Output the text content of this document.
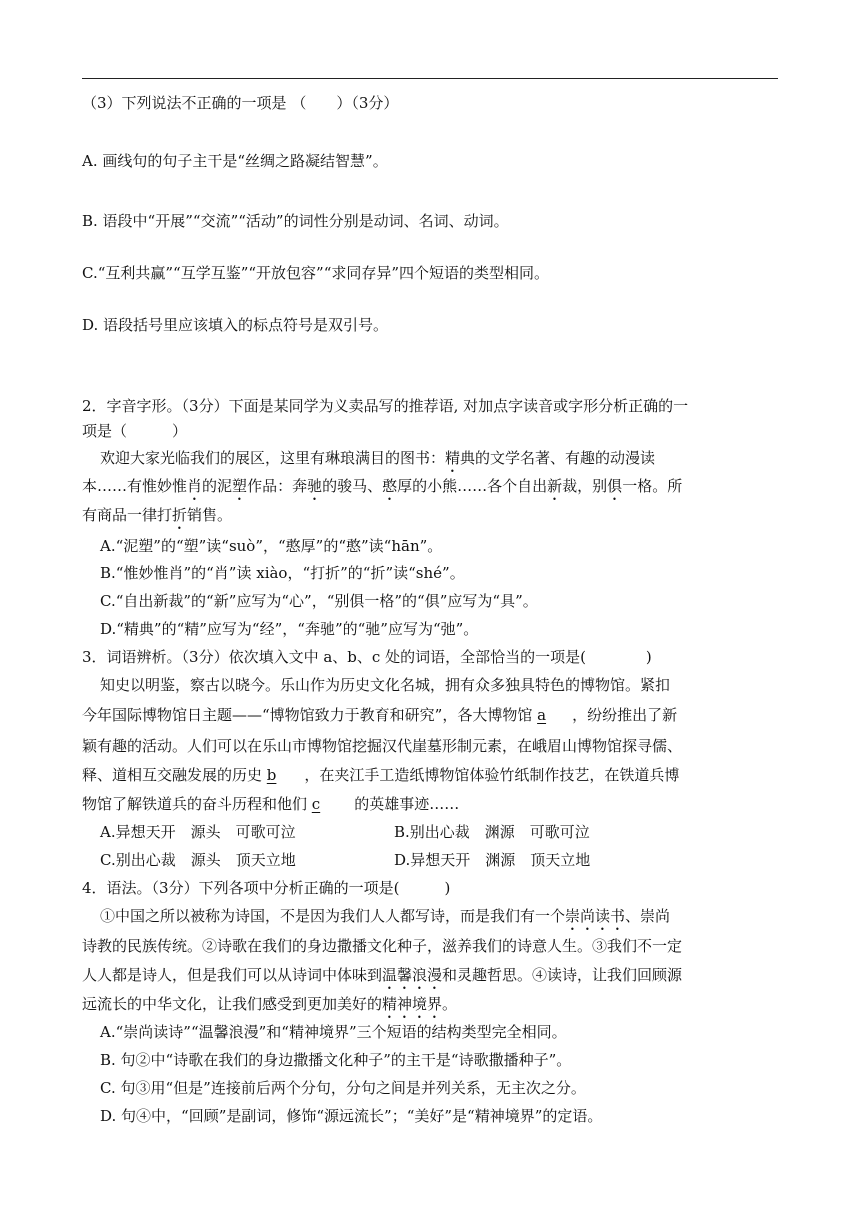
（3）下列说法不正确的一项是 （　　）（3分）
A. 画线句的句子主干是“丝绸之路凝结智慧”。
B. 语段中“开展”“交流”“活动”的词性分别是动词、名词、动词。
C.“互利共赢”“互学互鉴”“开放包容”“求同存异”四个短语的类型相同。
D. 语段括号里应该填入的标点符号是双引号。
2．字音字形。（3分）下面是某同学为义卖品写的推荐语, 对加点字读音或字形分析正确的一
项是（　　　）
欢迎大家光临我们的展区，这里有琳琅满目的图书：精典的文学名著、有趣的动漫读
本……有惟妙惟肖的泥塑作品：奔驰的骏马、憨厚的小熊……各个自出新裁，别俱一格。所
有商品一律打折销售。
A.“泥塑”的“塑”读“suò”，“憨厚”的“憨”读“hān”。
B.“惟妙惟肖”的“肖”读 xiào，“打折”的“折”读“shé”。
C.“自出新裁”的“新”应写为“心”，“别俱一格”的“俱”应写为“具”。
D.“精典”的“精”应写为“经”，“奔驰”的“驰”应写为“弛”。
3．词语辨析。（3分）依次填入文中 a、b、c 处的词语，全部恰当的一项是(　　　　)
知史以明鉴，察古以晓今。乐山作为历史文化名城，拥有众多独具特色的博物馆。紧扣
今年国际博物馆日主题——“博物馆致力于教育和研究”，各大博物馆 a ，纷纷推出了新
颖有趣的活动。人们可以在乐山市博物馆挖掘汉代崖墓形制元素，在峨眉山博物馆探寻儒、
释、道相互交融发展的历史 b ，在夹江手工造纸博物馆体验竹纸制作技艺，在铁道兵博
物馆了解铁道兵的奋斗历程和他们 c 的英雄事迹……
A.异想天开　源头　可歌可泣	B.别出心裁　渊源　可歌可泣
C.别出心裁　源头　顶天立地	D.异想天开　渊源　顶天立地
4．语法。（3分）下列各项中分析正确的一项是(　　　)
①中国之所以被称为诗国，不是因为我们人人都写诗，而是我们有一个崇尚读书、崇尚
诗教的民族传统。②诗歌在我们的身边撒播文化种子，滋养我们的诗意人生。③我们不一定
人人都是诗人，但是我们可以从诗词中体味到温馨浪漫和灵趣哲思。④读诗，让我们回顾源
远流长的中华文化，让我们感受到更加美好的精神境界。
A.“崇尚读诗”“温馨浪漫”和“精神境界”三个短语的结构类型完全相同。
B. 句②中“诗歌在我们的身边撒播文化种子”的主干是“诗歌撒播种子”。
C. 句③用“但是”连接前后两个分句，分句之间是并列关系，无主次之分。
D. 句④中，“回顾”是副词，修饰“源远流长”；“美好”是“精神境界”的定语。
